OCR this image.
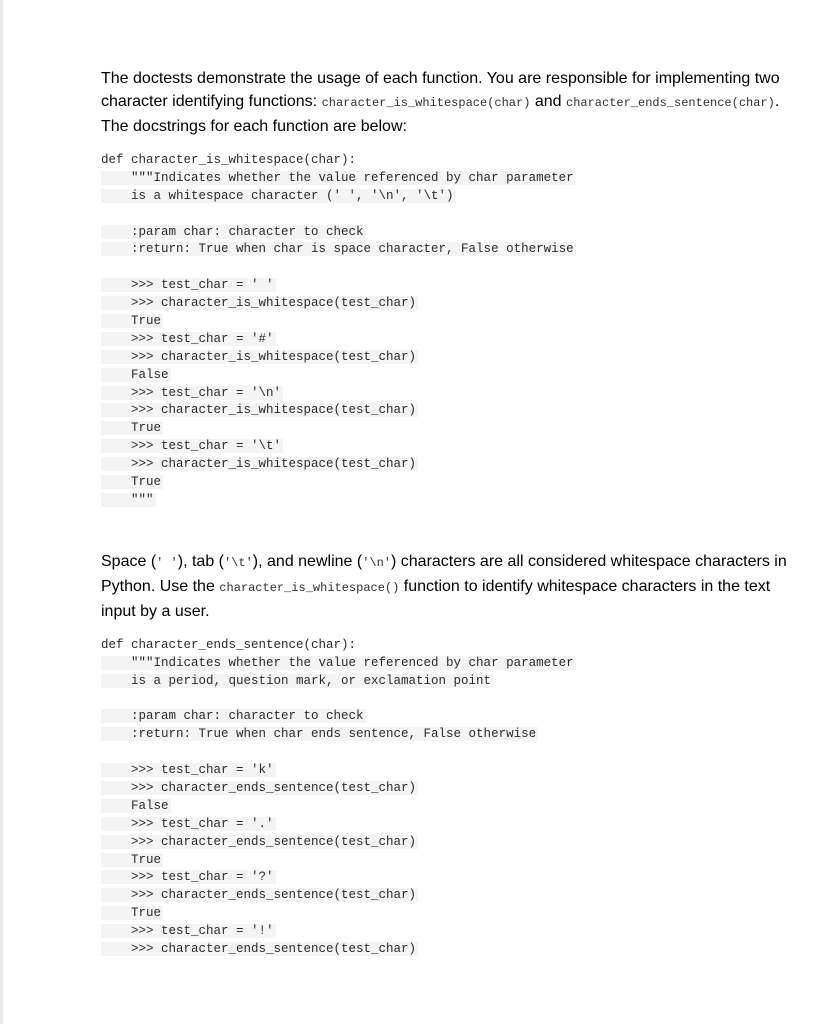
The doctests demonstrate the usage of each function. You are responsible for implementing two character identifying functions: character_is_whitespace(char) and character_ends_sentence(char). The docstrings for each function are below:

def character_is_whitespace(char):
"""Indicates whether the value referenced by char parameter
is a whitespace character (' ', '\n', '\t')
:param char: character to check
:return: True when char is space character, False otherwise
>>> test_char = ' '
>>> character_is_whitespace(test_char)
True
>>> test_char = '#'
>>> character_is_whitespace(test_char)
False
>>> test_char = '\n'
>>> character_is_whitespace(test_char)
True
>>> test_char = '\t'
>>> character_is_whitespace(test_char)
True
"""

Space (' '), tab ('\t'), and newline ('\n') characters are all considered whitespace characters in Python. Use the character_is_whitespace() function to identify whitespace characters in the text input by a user.

def character_ends_sentence(char):
"""Indicates whether the value referenced by char parameter
is a period, question mark, or exclamation point
:param char: character to check
:return: True when char ends sentence, False otherwise
>>> test_char = 'k'
>>> character_ends_sentence(test_char)
False
>>> test_char = '.'
>>> character_ends_sentence(test_char)
True
>>> test_char = '?'
>>> character_ends_sentence(test_char)
True
>>> test_char = '!'
>>> character_ends_sentence(test_char)
